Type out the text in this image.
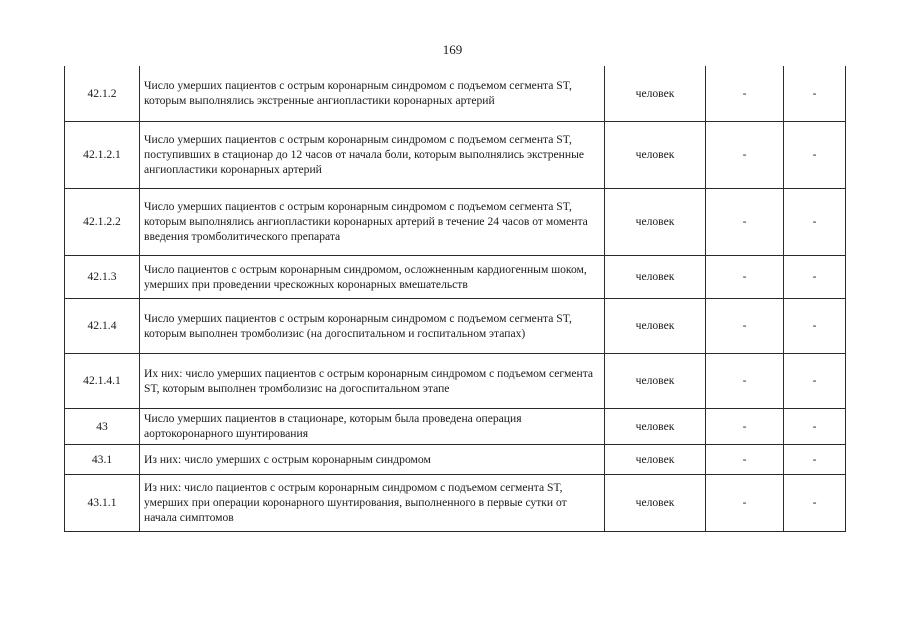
169
42.1.2	Число умерших пациентов с острым коронарным синдромом с подъемом сегмента ST, которым выполнялись экстренные ангиопластики коронарных артерий	человек	-	-
42.1.2.1	Число умерших пациентов с острым коронарным синдромом с подъемом сегмента ST, поступивших в стационар до 12 часов от начала боли, которым выполнялись экстренные ангиопластики коронарных артерий	человек	-	-
42.1.2.2	Число умерших пациентов с острым коронарным синдромом с подъемом сегмента ST, которым выполнялись ангиопластики коронарных артерий в течение 24 часов от момента введения тромболитического препарата	человек	-	-
42.1.3	Число пациентов с острым коронарным синдромом, осложненным кардиогенным шоком, умерших при проведении чрескожных коронарных вмешательств	человек	-	-
42.1.4	Число умерших пациентов с острым коронарным синдромом с подъемом сегмента ST, которым выполнен тромболизис (на догоспитальном и госпитальном этапах)	человек	-	-
42.1.4.1	Их них: число умерших пациентов с острым коронарным синдромом с подъемом сегмента ST, которым выполнен тромболизис на догоспитальном этапе	человек	-	-
43	Число умерших пациентов в стационаре, которым была проведена операция аортокоронарного шунтирования	человек	-	-
43.1	Из них: число умерших с острым коронарным синдромом	человек	-	-
43.1.1	Из них: число пациентов с острым коронарным синдромом с подъемом сегмента ST, умерших при операции коронарного шунтирования, выполненного в первые сутки от начала симптомов	человек	-	-
